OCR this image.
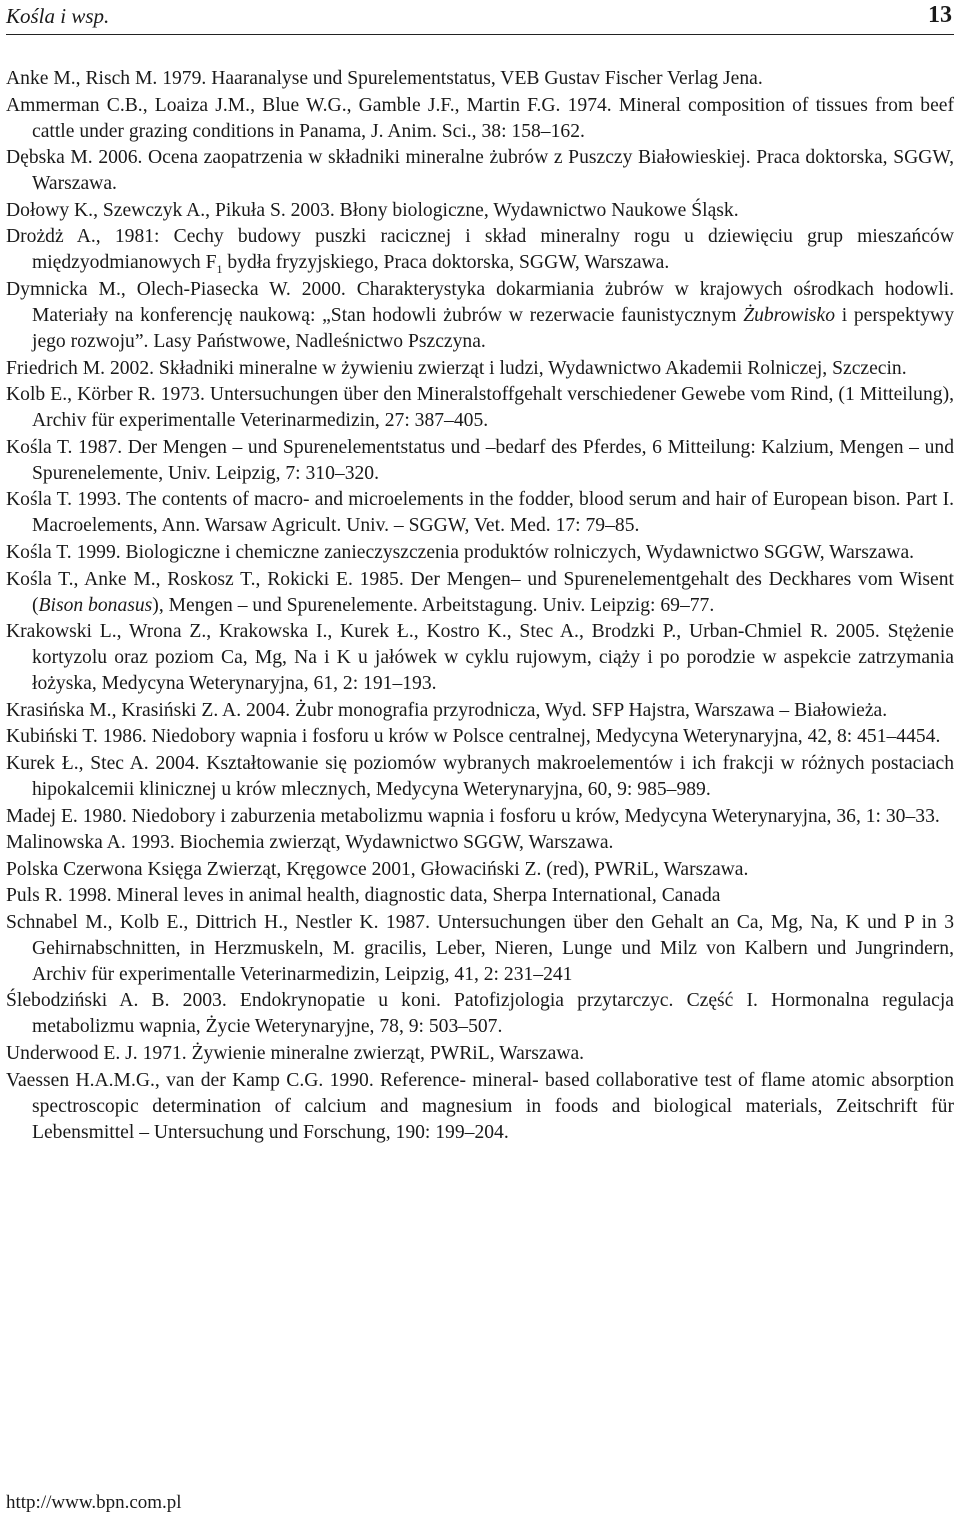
Kośla i wsp.	13

Anke M., Risch M. 1979. Haaranalyse und Spurelementstatus, VEB Gustav Fischer Verlag Jena.

Ammerman C.B., Loaiza J.M., Blue W.G., Gamble J.F., Martin F.G. 1974. Mineral composition of tissues from beef cattle under grazing conditions in Panama, J. Anim. Sci., 38: 158–162.

Dębska M. 2006. Ocena zaopatrzenia w składniki mineralne żubrów z Puszczy Białowieskiej. Praca doktorska, SGGW, Warszawa.

Dołowy K., Szewczyk A., Pikuła S. 2003. Błony biologiczne, Wydawnictwo Naukowe Śląsk.

Drożdż A., 1981: Cechy budowy puszki racicznej i skład mineralny rogu u dziewięciu grup mieszańców międzyodmianowych $F_1$ bydła fryzyjskiego, Praca doktorska, SGGW, Warszawa.

Dymnicka M., Olech-Piasecka W. 2000. Charakterystyka dokarmiania żubrów w krajowych ośrodkach hodowli. Materiały na konferencję naukową: „Stan hodowli żubrów w rezerwacie faunistycznym Żubrowisko i perspektywy jego rozwoju”. Lasy Państwowe, Nadleśnictwo Pszczyna.

Friedrich M. 2002. Składniki mineralne w żywieniu zwierząt i ludzi, Wydawnictwo Akademii Rolniczej, Szczecin.

Kolb E., Körber R. 1973. Untersuchungen über den Mineralstoffgehalt verschiedener Gewebe vom Rind, (1 Mitteilung), Archiv für experimentalle Veterinarmedizin, 27: 387–405.

Kośla T. 1987. Der Mengen – und Spurenelementstatus und –bedarf des Pferdes, 6 Mitteilung: Kalzium, Mengen – und Spurenelemente, Univ. Leipzig, 7: 310–320.

Kośla T. 1993. The contents of macro- and microelements in the fodder, blood serum and hair of European bison. Part I. Macroelements, Ann. Warsaw Agricult. Univ. – SGGW, Vet. Med. 17: 79–85.

Kośla T. 1999. Biologiczne i chemiczne zanieczyszczenia produktów rolniczych, Wydawnictwo SGGW, Warszawa.

Kośla T., Anke M., Roskosz T., Rokicki E. 1985. Der Mengen– und Spurenelementgehalt des Deckhares vom Wisent (Bison bonasus), Mengen – und Spurenelemente. Arbeitstagung. Univ. Leipzig: 69–77.

Krakowski L., Wrona Z., Krakowska I., Kurek Ł., Kostro K., Stec A., Brodzki P., Urban-Chmiel R. 2005. Stężenie kortyzolu oraz poziom Ca, Mg, Na i K u jałówek w cyklu rujowym, ciąży i po porodzie w aspekcie zatrzymania łożyska, Medycyna Weterynaryjna, 61, 2: 191–193.

Krasińska M., Krasiński Z. A. 2004. Żubr monografia przyrodnicza, Wyd. SFP Hajstra, Warszawa – Białowieża.

Kubiński T. 1986. Niedobory wapnia i fosforu u krów w Polsce centralnej, Medycyna Weterynaryjna, 42, 8: 451–4454.

Kurek Ł., Stec A. 2004. Kształtowanie się poziomów wybranych makroelementów i ich frakcji w różnych postaciach hipokalcemii klinicznej u krów mlecznych, Medycyna Weterynaryjna, 60, 9: 985–989.

Madej E. 1980. Niedobory i zaburzenia metabolizmu wapnia i fosforu u krów, Medycyna Weterynaryjna, 36, 1: 30–33.

Malinowska A. 1993. Biochemia zwierząt, Wydawnictwo SGGW, Warszawa.

Polska Czerwona Księga Zwierząt, Kręgowce 2001, Głowaciński Z. (red), PWRiL, Warszawa.

Puls R. 1998. Mineral leves in animal health, diagnostic data, Sherpa International, Canada

Schnabel M., Kolb E., Dittrich H., Nestler K. 1987. Untersuchungen über den Gehalt an Ca, Mg, Na, K und P in 3 Gehirnabschnitten, in Herzmuskeln, M. gracilis, Leber, Nieren, Lunge und Milz von Kalbern und Jungrindern, Archiv für experimentalle Veterinarmedizin, Leipzig, 41, 2: 231–241

Ślebodziński A. B. 2003. Endokrynopatie u koni. Patofizjologia przytarczyc. Część I. Hormonalna regulacja metabolizmu wapnia, Życie Weterynaryjne, 78, 9: 503–507.

Underwood E. J. 1971. Żywienie mineralne zwierząt, PWRiL, Warszawa.

Vaessen H.A.M.G., van der Kamp C.G. 1990. Reference- mineral- based collaborative test of flame atomic absorption spectroscopic determination of calcium and magnesium in foods and biological materials, Zeitschrift für Lebensmittel – Untersuchung und Forschung, 190: 199–204.

http://www.bpn.com.pl
